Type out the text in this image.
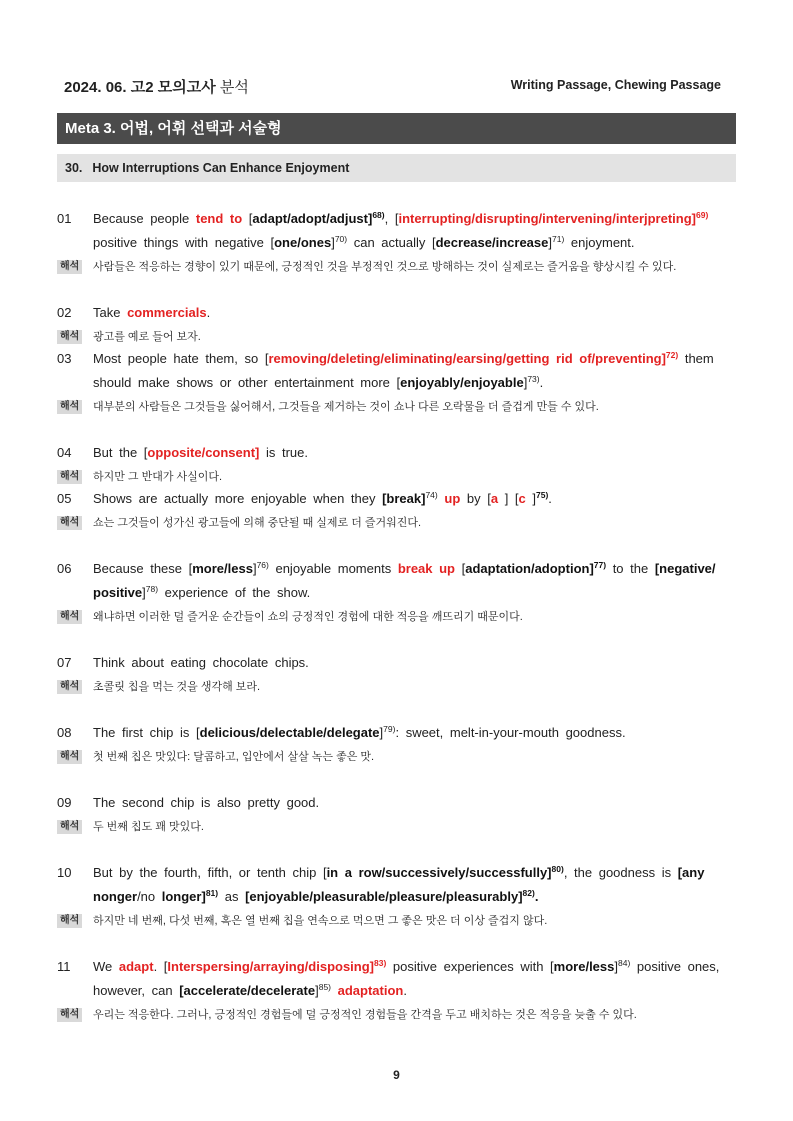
2024. 06. 고2 모의고사 분석	Writing Passage, Chewing Passage
Meta 3. 어법, 어휘 선택과 서술형
30. How Interruptions Can Enhance Enjoyment
01 Because people tend to [adapt/adopt/adjust]$^{68)}$, [interrupting/disrupting/intervening/interjpreting]$^{69)}$ positive things with negative [one/ones]$^{70)}$ can actually [decrease/increase]$^{71)}$ enjoyment.
해석 사람들은 적응하는 경향이 있기 때문에, 긍정적인 것을 부정적인 것으로 방해하는 것이 실제로는 즐거움을 향상시킬 수 있다.
02 Take commercials.
해석 광고를 예로 들어 보자.
03 Most people hate them, so [removing/deleting/eliminating/earsing/getting rid of/preventing]$^{72)}$ them should make shows or other entertainment more [enjoyably/enjoyable]$^{73)}$.
해석 대부분의 사람들은 그것들을 싫어해서, 그것들을 제거하는 것이 쇼나 다른 오락물을 더 즐겁게 만들 수 있다.
04 But the [opposite/consent] is true.
해석 하지만 그 반대가 사실이다.
05 Shows are actually more enjoyable when they [break]$^{74)}$ up by [a ] [c ]$^{75)}$.
해석 쇼는 그것들이 성가신 광고들에 의해 중단될 때 실제로 더 즐거워진다.
06 Because these [more/less]$^{76)}$ enjoyable moments break up [adaptation/adoption]$^{77)}$ to the [negative/ positive]$^{78)}$ experience of the show.
해석 왜냐하면 이러한 덜 즐거운 순간들이 쇼의 긍정적인 경험에 대한 적응을 깨뜨리기 때문이다.
07 Think about eating chocolate chips.
해석 초콜릿 칩을 먹는 것을 생각해 보라.
08 The first chip is [delicious/delectable/delegate]$^{79)}$: sweet, melt-in-your-mouth goodness.
해석 첫 번째 칩은 맛있다: 달콤하고, 입안에서 살살 녹는 좋은 맛.
09 The second chip is also pretty good.
해석 두 번째 칩도 꽤 맛있다.
10 But by the fourth, fifth, or tenth chip [in a row/successively/successfully]$^{80)}$, the goodness is [any nonger/no longer]$^{81)}$ as [enjoyable/pleasurable/pleasure/pleasurably]$^{82)}$.
해석 하지만 네 번째, 다섯 번째, 혹은 열 번째 칩을 연속으로 먹으면 그 좋은 맛은 더 이상 즐겁지 않다.
11 We adapt. [Interspersing/arraying/disposing]$^{83)}$ positive experiences with [more/less]$^{84)}$ positive ones, however, can [accelerate/decelerate]$^{85)}$ adaptation.
해석 우리는 적응한다. 그러나, 긍정적인 경험들에 덜 긍정적인 경험들을 간격을 두고 배치하는 것은 적응을 늦출 수 있다.
9
